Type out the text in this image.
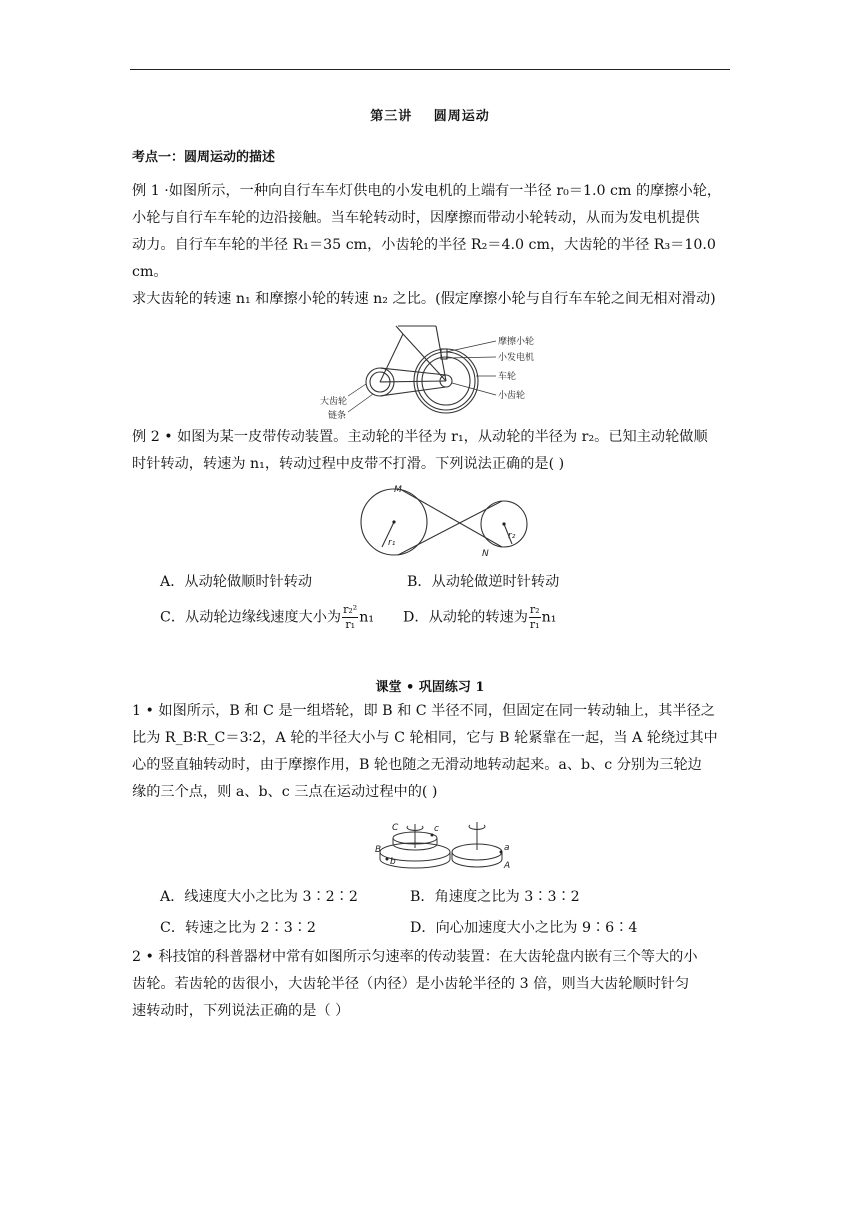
第三讲 圆周运动
考点一：圆周运动的描述

例 1 ·如图所示，一种向自行车车灯供电的小发电机的上端有一半径 r₀＝1.0 cm 的摩擦小轮，

小轮与自行车车轮的边沿接触。当车轮转动时，因摩擦而带动小轮转动，从而为发电机提供

动力。自行车车轮的半径 R₁＝35 cm，小齿轮的半径 R₂＝4.0 cm，大齿轮的半径 R₃＝10.0 cm。

求大齿轮的转速 n₁ 和摩擦小轮的转速 n₂ 之比。(假定摩擦小轮与自行车车轮之间无相对滑动)

摩擦小轮
小发电机
车轮
小齿轮
大齿轮
链条

例 2 • 如图为某一皮带传动装置。主动轮的半径为 r₁，从动轮的半径为 r₂。已知主动轮做顺

时针转动，转速为 n₁，转动过程中皮带不打滑。下列说法正确的是( )

M
N
r₁
r₂
A．从动轮做顺时针转动	B．从动轮做逆时针转动
C．从动轮边缘线速度大小为 $\frac{\text{r₂²}}{\text{r₁}} n_1$ D．从动轮的转速为 $\frac{\text{r₂}}{\text{r₁}} n_1$
课堂 • 巩固练习 1

1 • 如图所示，B 和 C 是一组塔轮，即 B 和 C 半径不同，但固定在同一转动轴上，其半径之

比为 R_B∶R_C＝3∶2，A 轮的半径大小与 C 轮相同，它与 B 轮紧靠在一起，当 A 轮绕过其中

心的竖直轴转动时，由于摩擦作用，B 轮也随之无滑动地转动起来。a、b、c 分别为三轮边

缘的三个点，则 a、b、c 三点在运动过程中的( )

C	c
B
b
a
A
A．线速度大小之比为 3∶2∶2	B．角速度之比为 3∶3∶2
C．转速之比为 2∶3∶2	D．向心加速度大小之比为 9∶6∶4

2 • 科技馆的科普器材中常有如图所示匀速率的传动装置：在大齿轮盘内嵌有三个等大的小

齿轮。若齿轮的齿很小，大齿轮半径（内径）是小齿轮半径的 3 倍，则当大齿轮顺时针匀

速转动时，下列说法正确的是（ ）
